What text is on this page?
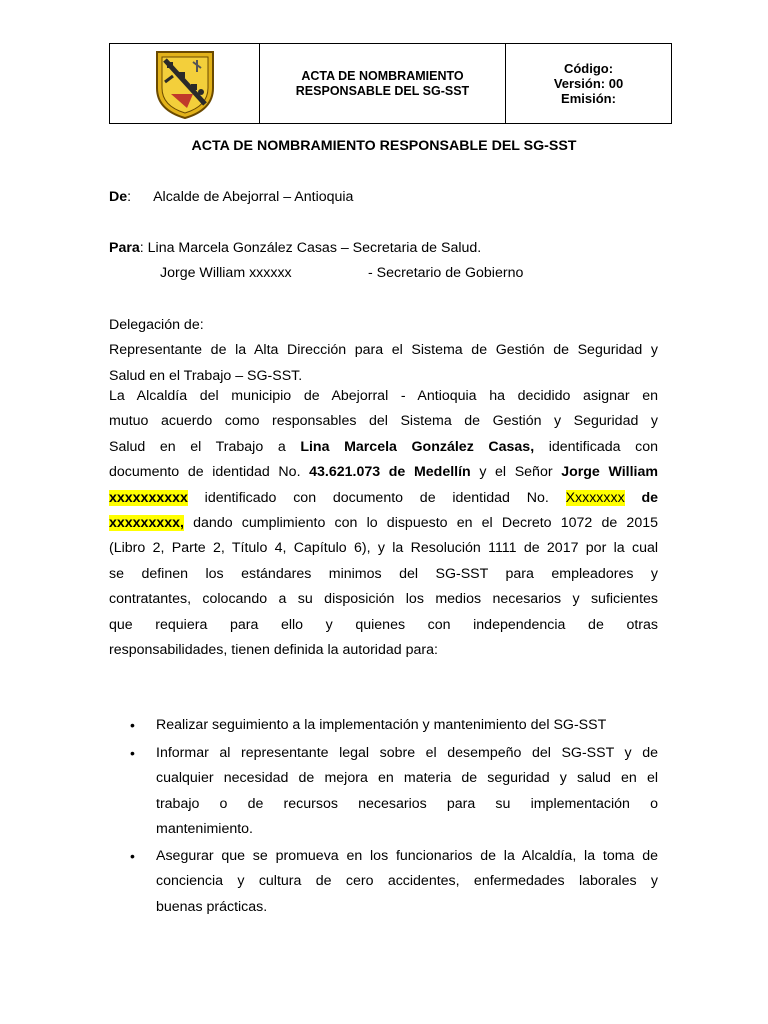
ACTA DE NOMBRAMIENTO
RESPONSABLE DEL SG-SST

Código:
Versión: 00
Emisión:
ACTA DE NOMBRAMIENTO RESPONSABLE DEL SG-SST
De: Alcalde de Abejorral – Antioquia
Para: Lina Marcela González Casas – Secretaria de Salud.
Jorge William xxxxxx	- Secretario de Gobierno
Delegación de:
Representante de la Alta Dirección para el Sistema de Gestión de Seguridad y
Salud en el Trabajo – SG-SST.
La Alcaldía del municipio de Abejorral - Antioquia ha decidido asignar en
mutuo acuerdo como responsables del Sistema de Gestión y Seguridad y
Salud en el Trabajo a Lina Marcela González Casas, identificada con
documento de identidad No. 43.621.073 de Medellín y el Señor Jorge William
xxxxxxxxxx identificado con documento de identidad No. Xxxxxxxx de
xxxxxxxxx, dando cumplimiento con lo dispuesto en el Decreto 1072 de 2015
(Libro 2, Parte 2, Título 4, Capítulo 6), y la Resolución 1111 de 2017 por la cual
se definen los estándares minimos del SG-SST para empleadores y
contratantes, colocando a su disposición los medios necesarios y suficientes
que requiera para ello y quienes con independencia de otras
responsabilidades, tienen definida la autoridad para:
• Realizar seguimiento a la implementación y mantenimiento del SG-SST
• Informar al representante legal sobre el desempeño del SG-SST y de
cualquier necesidad de mejora en materia de seguridad y salud en el
trabajo o de recursos necesarios para su implementación o
mantenimiento.
• Asegurar que se promueva en los funcionarios de la Alcaldía, la toma de
conciencia y cultura de cero accidentes, enfermedades laborales y
buenas prácticas.
